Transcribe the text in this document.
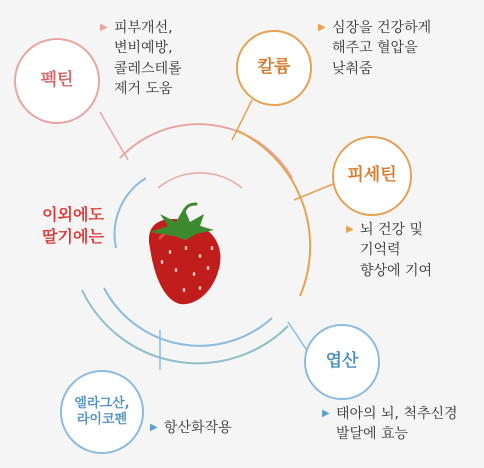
이외에도
딸기에는
펙틴
칼륨
피세틴
엽산
엘라그산,
라이코펜
▶ 피부개선,
변비예방,
콜레스테롤
제거 도움
▶ 심장을 건강하게
해주고 혈압을
낮춰줌
▶ 뇌 건강 및
기억력
향상에 기여
▶ 태아의 뇌, 척추신경
발달에 효능
▶ 항산화작용
